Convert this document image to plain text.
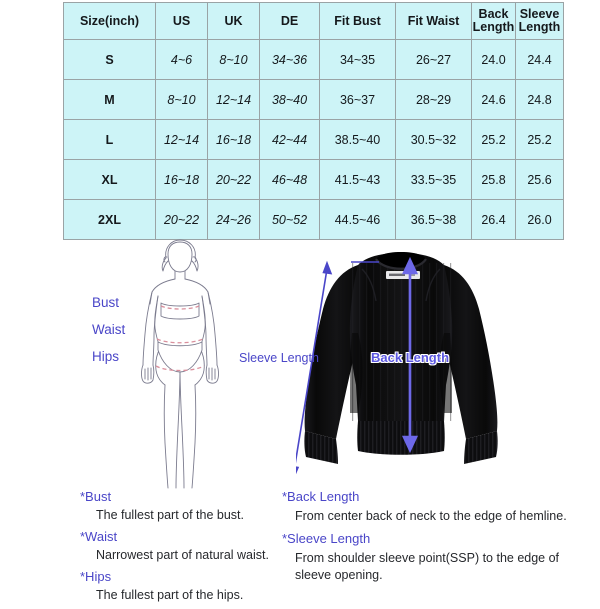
Size(inch)	US	UK	DE	Fit Bust	Fit Waist	Back Length	Sleeve Length
S	4~6	8~10	34~36	34~35	26~27	24.0	24.4
M	8~10	12~14	38~40	36~37	28~29	24.6	24.8
L	12~14	16~18	42~44	38.5~40	30.5~32	25.2	25.2
XL	16~18	20~22	46~48	41.5~43	33.5~35	25.8	25.6
2XL	20~22	24~26	50~52	44.5~46	36.5~38	26.4	26.0
Bust
Waist
Hips	Sleeve Length	Back Length

*Bust

The fullest part of the bust.

*Waist

Narrowest part of natural waist.

*Hips

The fullest part of the hips.

*Back Length

From center back of neck to the edge of hemline.

*Sleeve Length

From shoulder sleeve point(SSP) to the edge of sleeve opening.
